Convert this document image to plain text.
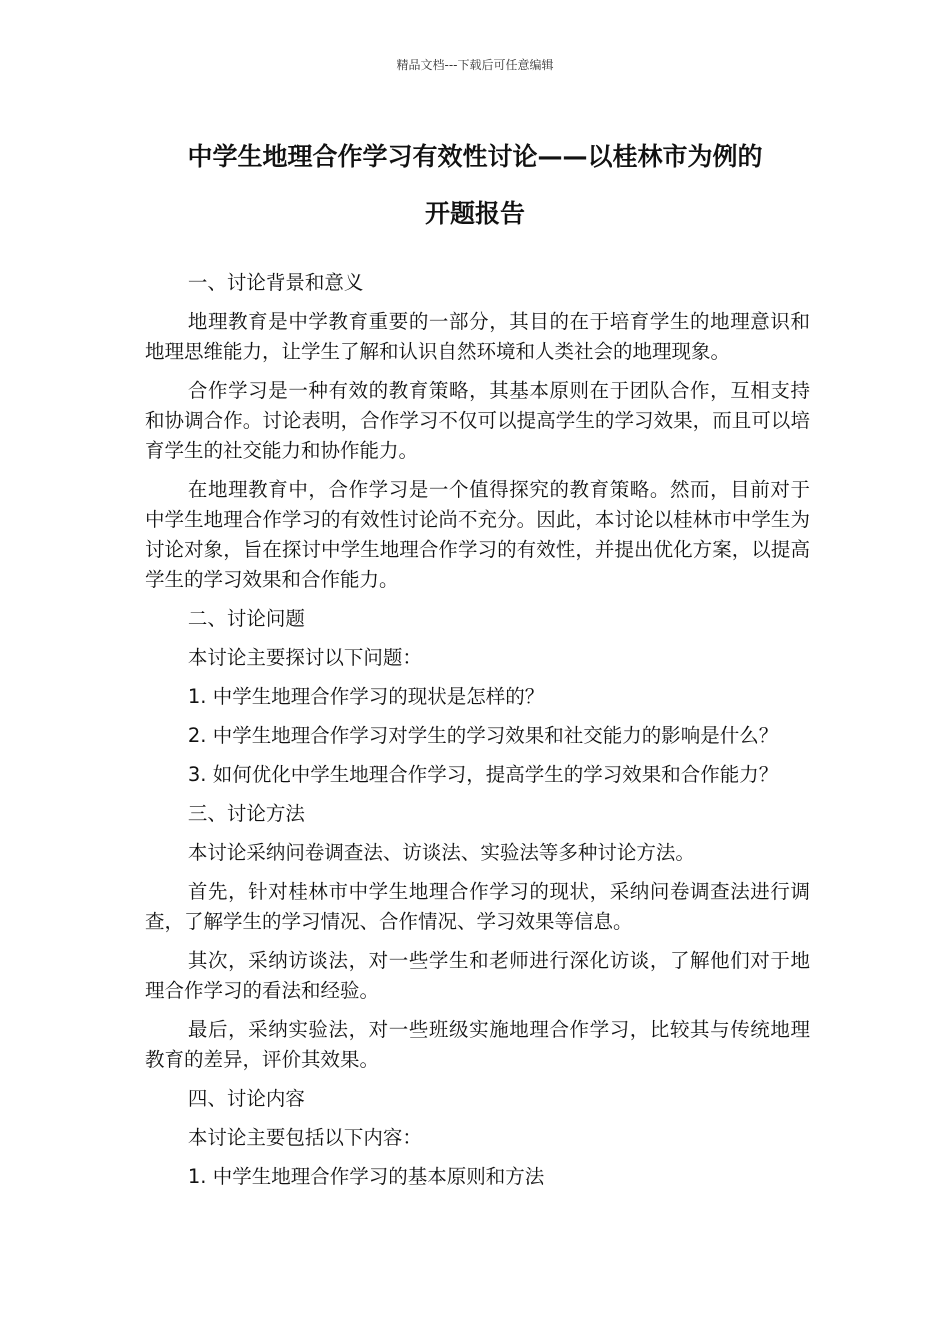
精品文档---下载后可任意编辑
中学生地理合作学习有效性讨论——以桂林市为例的
开题报告

一、讨论背景和意义

地理教育是中学教育重要的一部分，其目的在于培育学生的地理意识和地理思维能力，让学生了解和认识自然环境和人类社会的地理现象。

合作学习是一种有效的教育策略，其基本原则在于团队合作，互相支持和协调合作。讨论表明，合作学习不仅可以提高学生的学习效果，而且可以培育学生的社交能力和协作能力。

在地理教育中，合作学习是一个值得探究的教育策略。然而，目前对于中学生地理合作学习的有效性讨论尚不充分。因此，本讨论以桂林市中学生为讨论对象，旨在探讨中学生地理合作学习的有效性，并提出优化方案，以提高学生的学习效果和合作能力。

二、讨论问题

本讨论主要探讨以下问题：

1. 中学生地理合作学习的现状是怎样的？

2. 中学生地理合作学习对学生的学习效果和社交能力的影响是什么？

3. 如何优化中学生地理合作学习，提高学生的学习效果和合作能力？

三、讨论方法

本讨论采纳问卷调查法、访谈法、实验法等多种讨论方法。

首先，针对桂林市中学生地理合作学习的现状，采纳问卷调查法进行调查，了解学生的学习情况、合作情况、学习效果等信息。

其次，采纳访谈法，对一些学生和老师进行深化访谈，了解他们对于地理合作学习的看法和经验。

最后，采纳实验法，对一些班级实施地理合作学习，比较其与传统地理教育的差异，评价其效果。

四、讨论内容

本讨论主要包括以下内容：

1. 中学生地理合作学习的基本原则和方法
